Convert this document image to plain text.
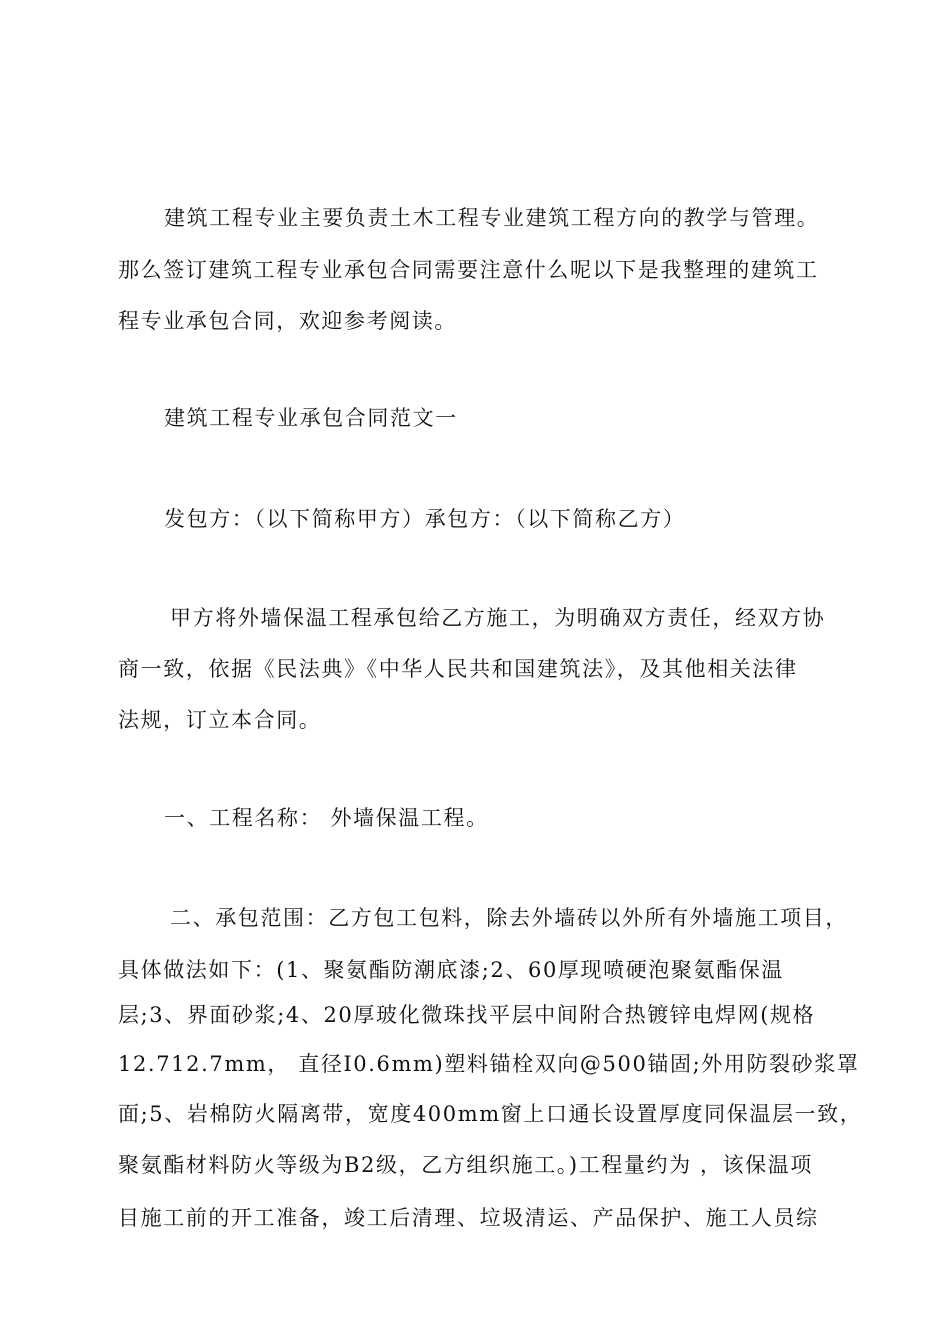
建筑工程专业主要负责土木工程专业建筑工程方向的教学与管理。
那么签订建筑工程专业承包合同需要注意什么呢以下是我整理的建筑工
程专业承包合同，欢迎参考阅读。
建筑工程专业承包合同范文一
发包方：（以下简称甲方）承包方：（以下简称乙方）
甲方将外墙保温工程承包给乙方施工，为明确双方责任，经双方协
商一致，依据《民法典》《中华人民共和国建筑法》，及其他相关法律
法规，订立本合同。
一、工程名称： 外墙保温工程。
二、承包范围：乙方包工包料，除去外墙砖以外所有外墙施工项目，
具体做法如下：(1、聚氨酯防潮底漆;2、60厚现喷硬泡聚氨酯保温
层;3、界面砂浆;4、20厚玻化微珠找平层中间附合热镀锌电焊网(规格
12.712.7mm， 直径I0.6mm)塑料锚栓双向@500锚固;外用防裂砂浆罩
面;5、岩棉防火隔离带，宽度400mm窗上口通长设置厚度同保温层一致，
聚氨酯材料防火等级为B2级，乙方组织施工。)工程量约为 ，该保温项
目施工前的开工准备，竣工后清理、垃圾清运、产品保护、施工人员综
